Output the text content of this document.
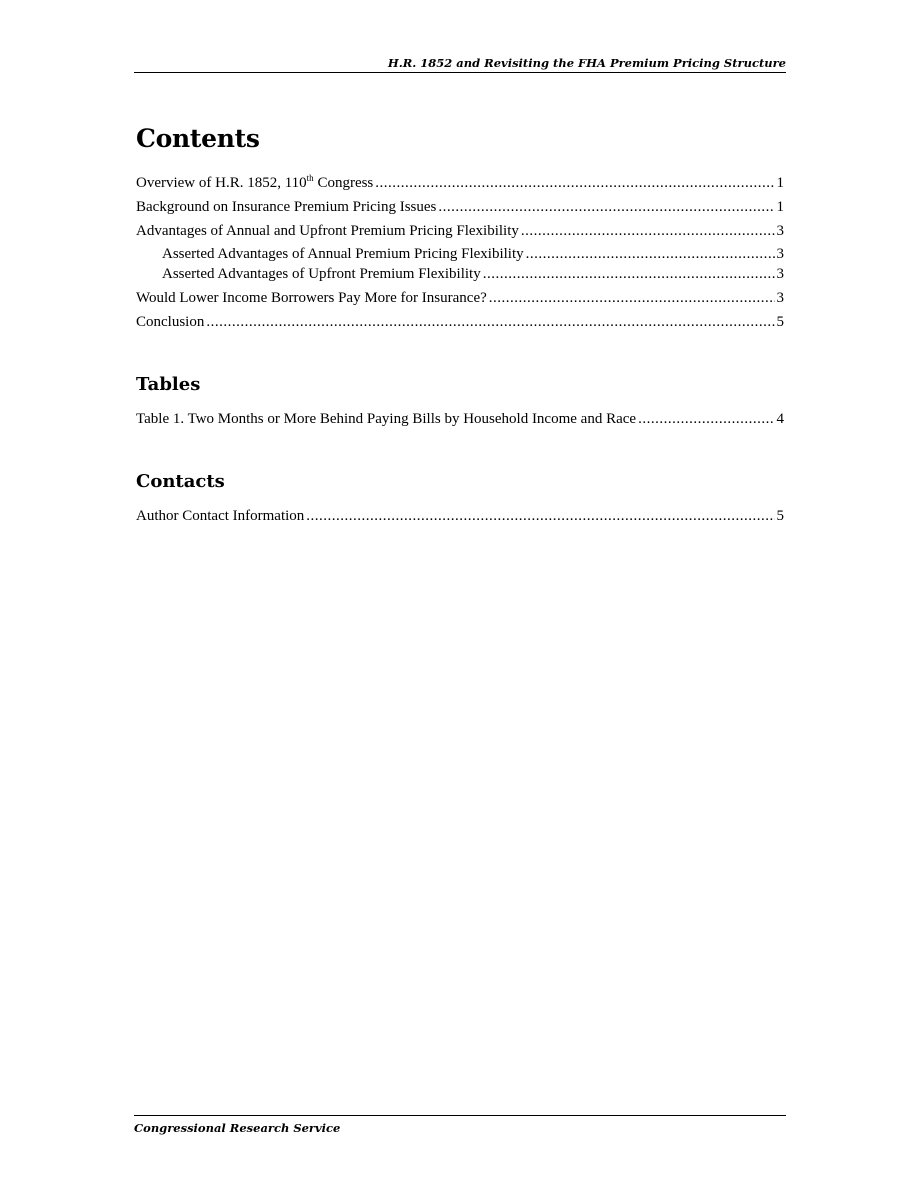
H.R. 1852 and Revisiting the FHA Premium Pricing Structure
Contents
Overview of H.R. 1852, 110th Congress .....	1
Background on Insurance Premium Pricing Issues .....	1
Advantages of Annual and Upfront Premium Pricing Flexibility .....	3
Asserted Advantages of Annual Premium Pricing Flexibility .....	3
Asserted Advantages of Upfront Premium Flexibility .....	3
Would Lower Income Borrowers Pay More for Insurance? .....	3
Conclusion .....	5
Tables
Table 1. Two Months or More Behind Paying Bills by Household Income and Race .....	4
Contacts
Author Contact Information .....	5
Congressional Research Service
